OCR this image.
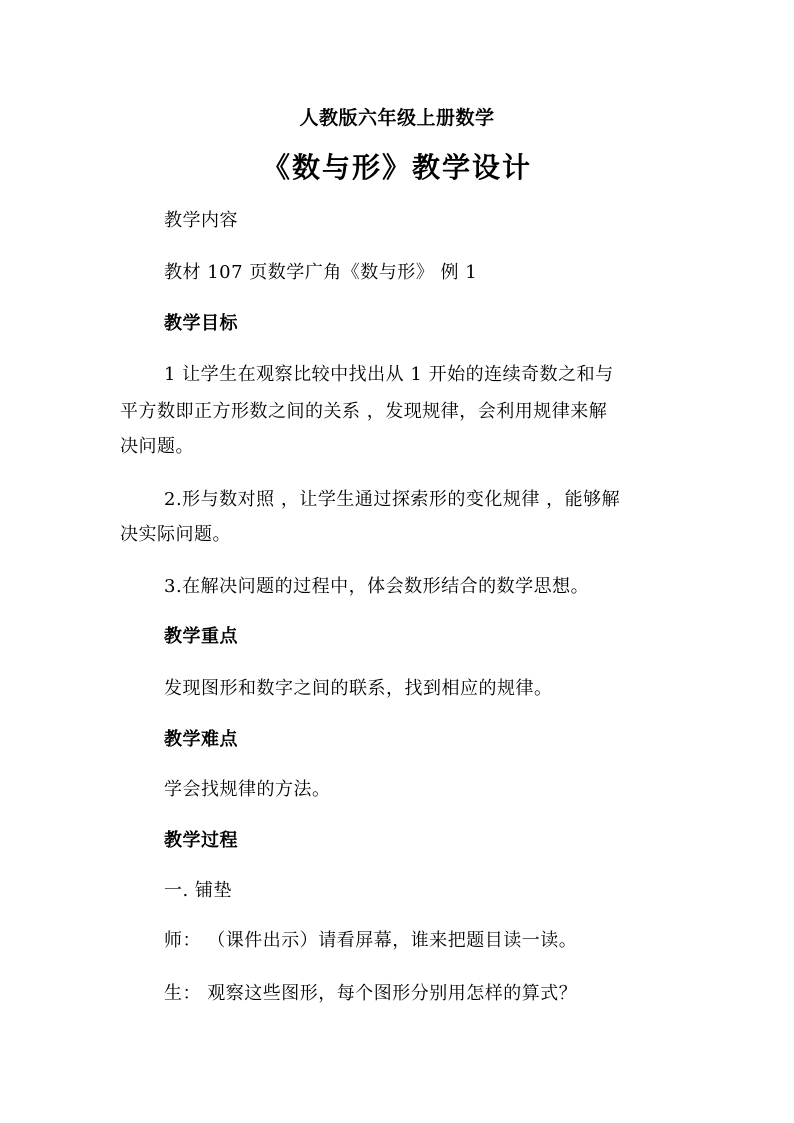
人教版六年级上册数学
《数与形》教学设计
教学内容
教材 107 页数学广角《数与形》 例 1
教学目标
1 让学生在观察比较中找出从 1 开始的连续奇数之和与
平方数即正方形数之间的关系 ，发现规律，会利用规律来解
决问题。
2.形与数对照 ，让学生通过探索形的变化规律 ，能够解
决实际问题。
3.在解决问题的过程中，体会数形结合的数学思想。
教学重点
发现图形和数字之间的联系，找到相应的规律。
教学难点
学会找规律的方法。
教学过程
一. 铺垫
师： （课件出示）请看屏幕，谁来把题目读一读。
生： 观察这些图形，每个图形分别用怎样的算式？
